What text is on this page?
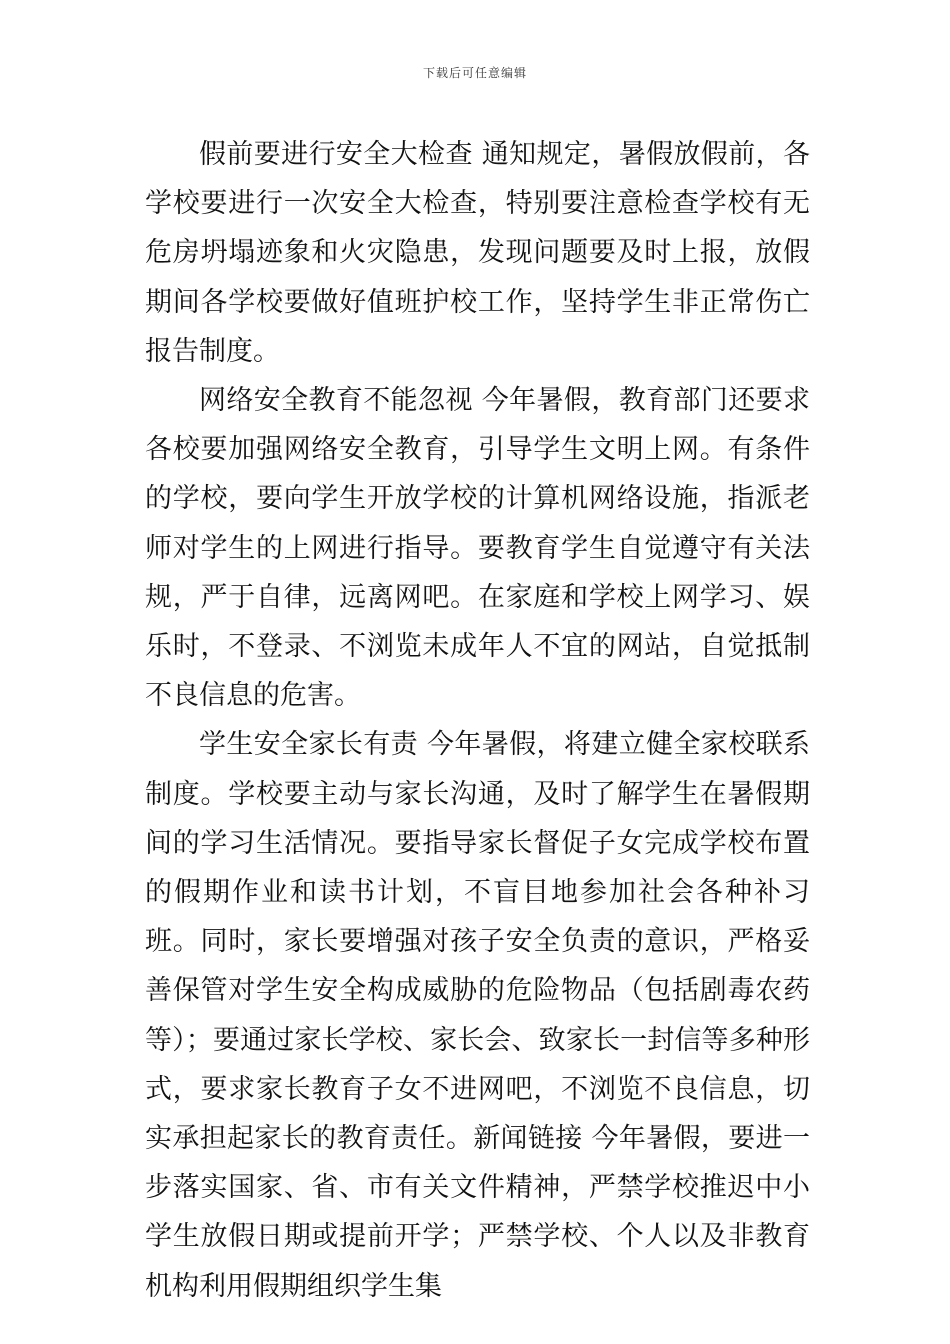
下载后可任意编辑

假前要进行安全大检查 通知规定，暑假放假前，各学校要进行一次安全大检查，特别要注意检查学校有无危房坍塌迹象和火灾隐患，发现问题要及时上报，放假期间各学校要做好值班护校工作，坚持学生非正常伤亡报告制度。

网络安全教育不能忽视 今年暑假，教育部门还要求各校要加强网络安全教育，引导学生文明上网。有条件的学校，要向学生开放学校的计算机网络设施，指派老师对学生的上网进行指导。要教育学生自觉遵守有关法规，严于自律，远离网吧。在家庭和学校上网学习、娱乐时，不登录、不浏览未成年人不宜的网站，自觉抵制不良信息的危害。

学生安全家长有责 今年暑假，将建立健全家校联系制度。学校要主动与家长沟通，及时了解学生在暑假期间的学习生活情况。要指导家长督促子女完成学校布置的假期作业和读书计划，不盲目地参加社会各种补习班。同时，家长要增强对孩子安全负责的意识，严格妥善保管对学生安全构成威胁的危险物品（包括剧毒农药等）；要通过家长学校、家长会、致家长一封信等多种形式，要求家长教育子女不进网吧，不浏览不良信息，切实承担起家长的教育责任。新闻链接 今年暑假，要进一步落实国家、省、市有关文件精神，严禁学校推迟中小学生放假日期或提前开学；严禁学校、个人以及非教育机构利用假期组织学生集
